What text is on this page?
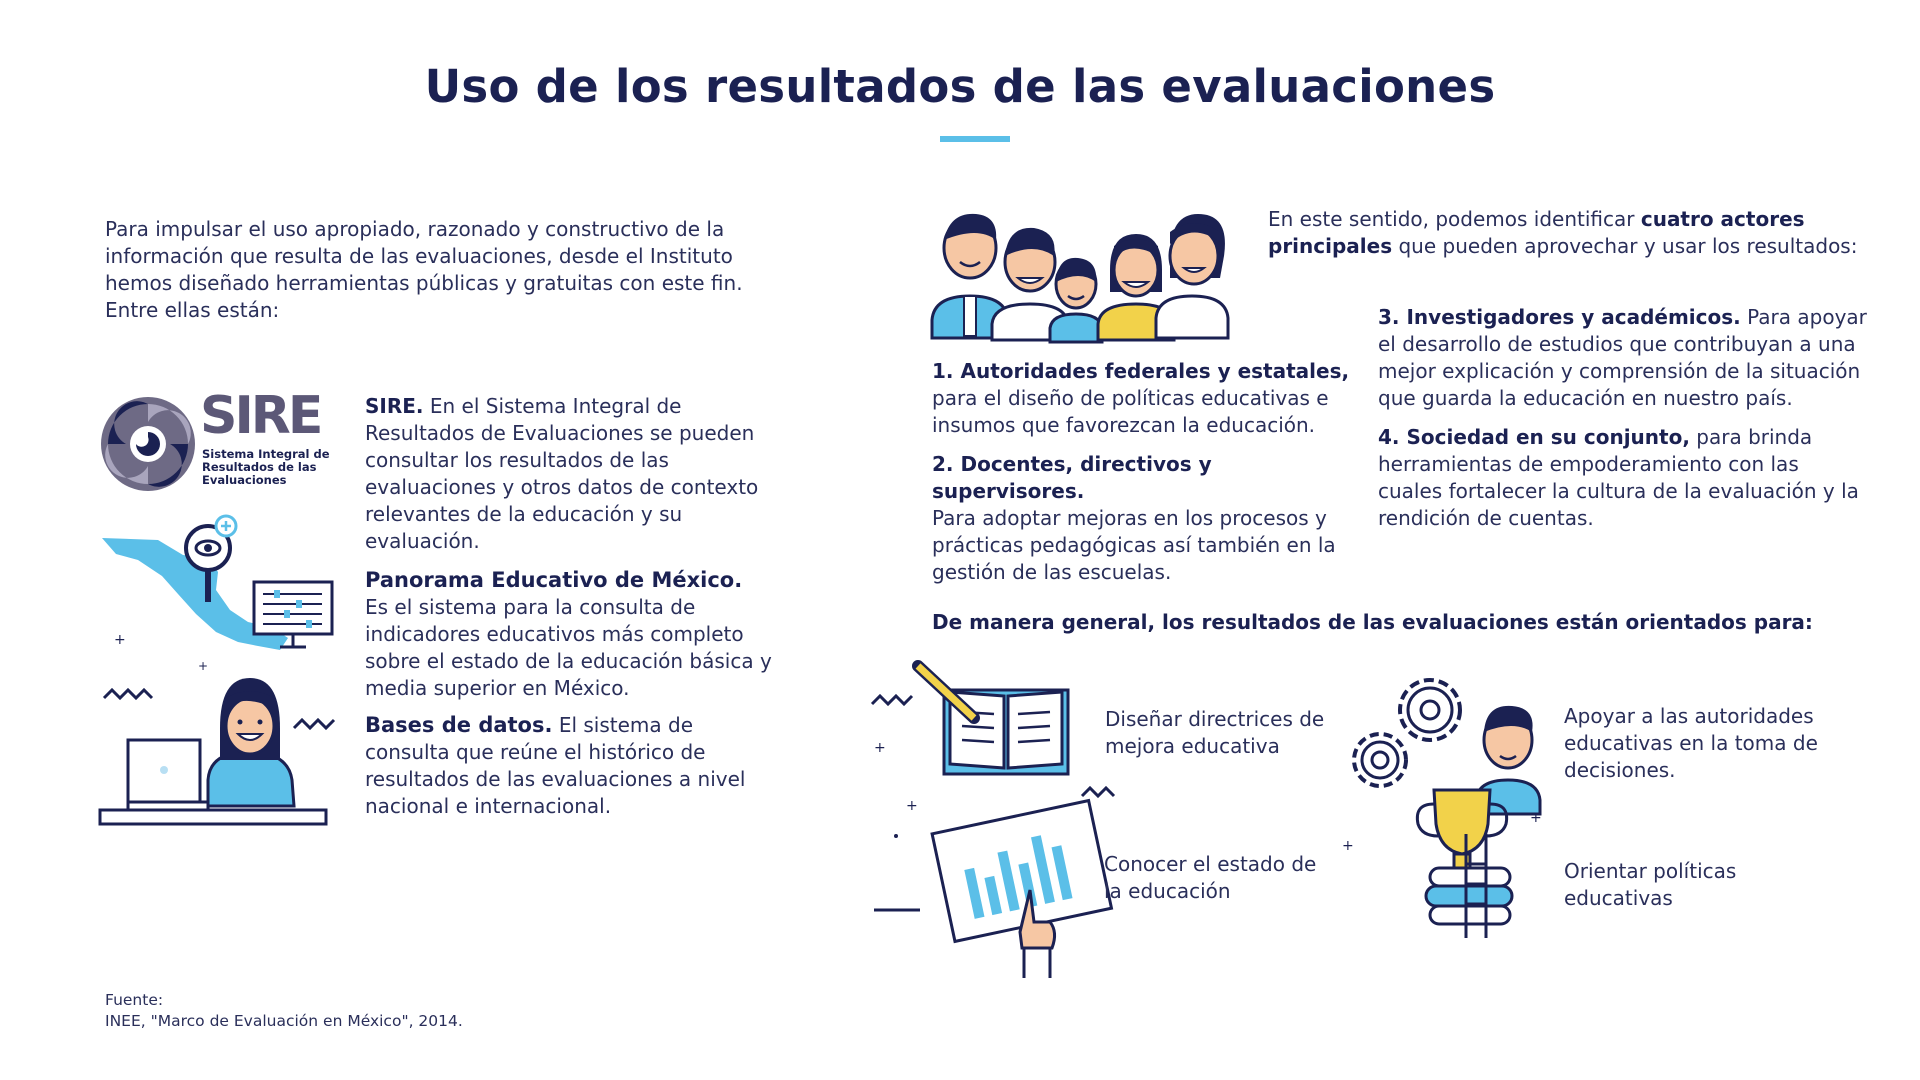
Uso de los resultados de las evaluaciones

Para impulsar el uso apropiado, razonado y constructivo de la información que resulta de las evaluaciones, desde el Instituto hemos diseñado herramientas públicas y gratuitas con este fin. Entre ellas están:

SIRE
Sistema Integral de
Resultados de las
Evaluaciones
+
+

SIRE. En el Sistema Integral de Resultados de Evaluaciones se pueden consultar los resultados de las evaluaciones y otros datos de contexto relevantes de la educación y su evaluación.

Panorama Educativo de México.
Es el sistema para la consulta de indicadores educativos más completo sobre el estado de la educación básica y media superior en México.

Bases de datos. El sistema de consulta que reúne el histórico de resultados de las evaluaciones a nivel nacional e internacional.

En este sentido, podemos identificar cuatro actores principales que pueden aprovechar y usar los resultados:

1. Autoridades federales y estatales,
para el diseño de políticas educativas e insumos que favorezcan la educación.

2. Docentes, directivos y supervisores.
Para adoptar mejoras en los procesos y prácticas pedagógicas así también en la gestión de las escuelas.

3. Investigadores y académicos. Para apoyar el desarrollo de estudios que contribuyan a una mejor explicación y comprensión de la situación que guarda la educación en nuestro país.

4. Sociedad en su conjunto, para brinda herramientas de empoderamiento con las cuales fortalecer la cultura de la evaluación y la rendición de cuentas.

De manera general, los resultados de las evaluaciones están orientados para:

+
+
+
+

Diseñar directrices de mejora educativa

Conocer el estado de la educación

Apoyar a las autoridades educativas en la toma de decisiones.

Orientar políticas educativas

Fuente:
INEE, "Marco de Evaluación en México", 2014.
